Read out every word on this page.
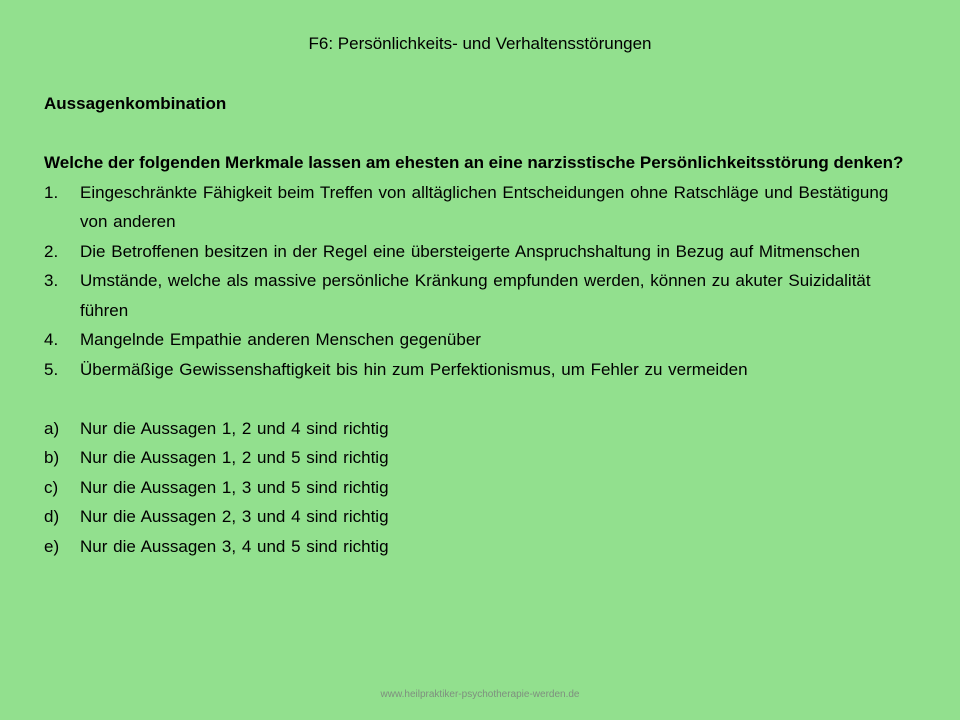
F6: Persönlichkeits- und Verhaltensstörungen

Aussagenkombination

Welche der folgenden Merkmale lassen am ehesten an eine narzisstische Persönlichkeitsstörung denken?

1.	Eingeschränkte Fähigkeit beim Treffen von alltäglichen Entscheidungen ohne Ratschläge und Bestätigung von anderen
2.	Die Betroffenen besitzen in der Regel eine übersteigerte Anspruchshaltung in Bezug auf Mitmenschen
3.	Umstände, welche als massive persönliche Kränkung empfunden werden, können zu akuter Suizidalität führen
4.	Mangelnde Empathie anderen Menschen gegenüber
5.	Übermäßige Gewissenshaftigkeit bis hin zum Perfektionismus, um Fehler zu vermeiden
a)	Nur die Aussagen 1, 2 und 4 sind richtig
b)	Nur die Aussagen 1, 2 und 5 sind richtig
c)	Nur die Aussagen 1, 3 und 5 sind richtig
d)	Nur die Aussagen 2, 3 und 4 sind richtig
e)	Nur die Aussagen 3, 4 und 5 sind richtig
www.heilpraktiker-psychotherapie-werden.de
